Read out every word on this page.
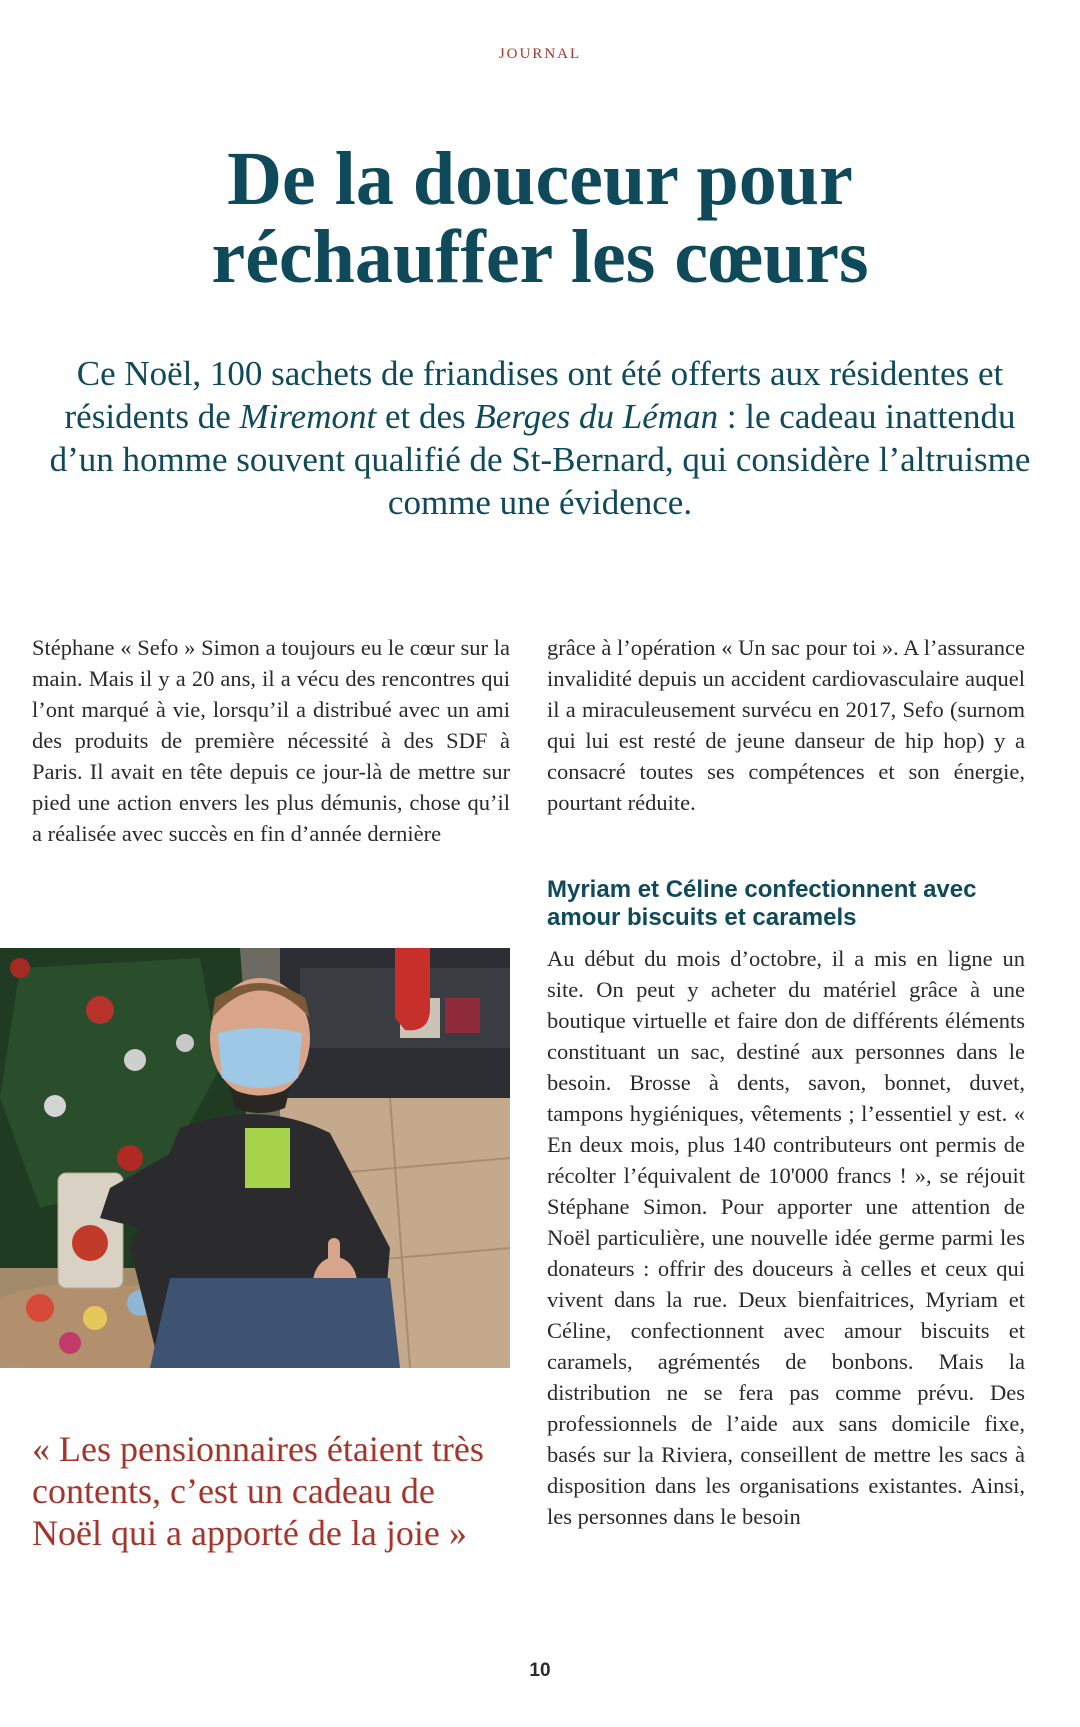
JOURNAL
De la douceur pour
réchauffer les cœurs
Ce Noël, 100 sachets de friandises ont été offerts aux résidentes et résidents de Miremont et des Berges du Léman : le cadeau inattendu d’un homme souvent qualifié de St-Bernard, qui considère l’altruisme comme une évidence.

Stéphane « Sefo » Simon a toujours eu le cœur sur la main. Mais il y a 20 ans, il a vécu des rencontres qui l’ont marqué à vie, lorsqu’il a distribué avec un ami des produits de première nécessité à des SDF à Paris. Il avait en tête depuis ce jour-là de mettre sur pied une action envers les plus démunis, chose qu’il a réalisée avec succès en fin d’année dernière

grâce à l’opération « Un sac pour toi ». A l’assurance invalidité depuis un accident cardiovasculaire auquel il a miraculeusement survécu en 2017, Sefo (surnom qui lui est resté de jeune danseur de hip hop) y a consacré toutes ses compétences et son énergie, pourtant réduite.

Myriam et Céline confectionnent avec amour biscuits et caramels

Au début du mois d’octobre, il a mis en ligne un site. On peut y acheter du matériel grâce à une boutique virtuelle et faire don de différents éléments constituant un sac, destiné aux personnes dans le besoin. Brosse à dents, savon, bonnet, duvet, tampons hygiéniques, vêtements ; l’essentiel y est. « En deux mois, plus 140 contributeurs ont permis de récolter l’équivalent de 10'000 francs ! », se réjouit Stéphane Simon. Pour apporter une attention de Noël particulière, une nouvelle idée germe parmi les donateurs : offrir des douceurs à celles et ceux qui vivent dans la rue. Deux bienfaitrices, Myriam et Céline, confectionnent avec amour biscuits et caramels, agrémentés de bonbons. Mais la distribution ne se fera pas comme prévu. Des professionnels de l’aide aux sans domicile fixe, basés sur la Riviera, conseillent de mettre les sacs à disposition dans les organisations existantes. Ainsi, les personnes dans le besoin

« Les pensionnaires étaient très contents, c’est un cadeau de Noël qui a apporté de la joie »
10
